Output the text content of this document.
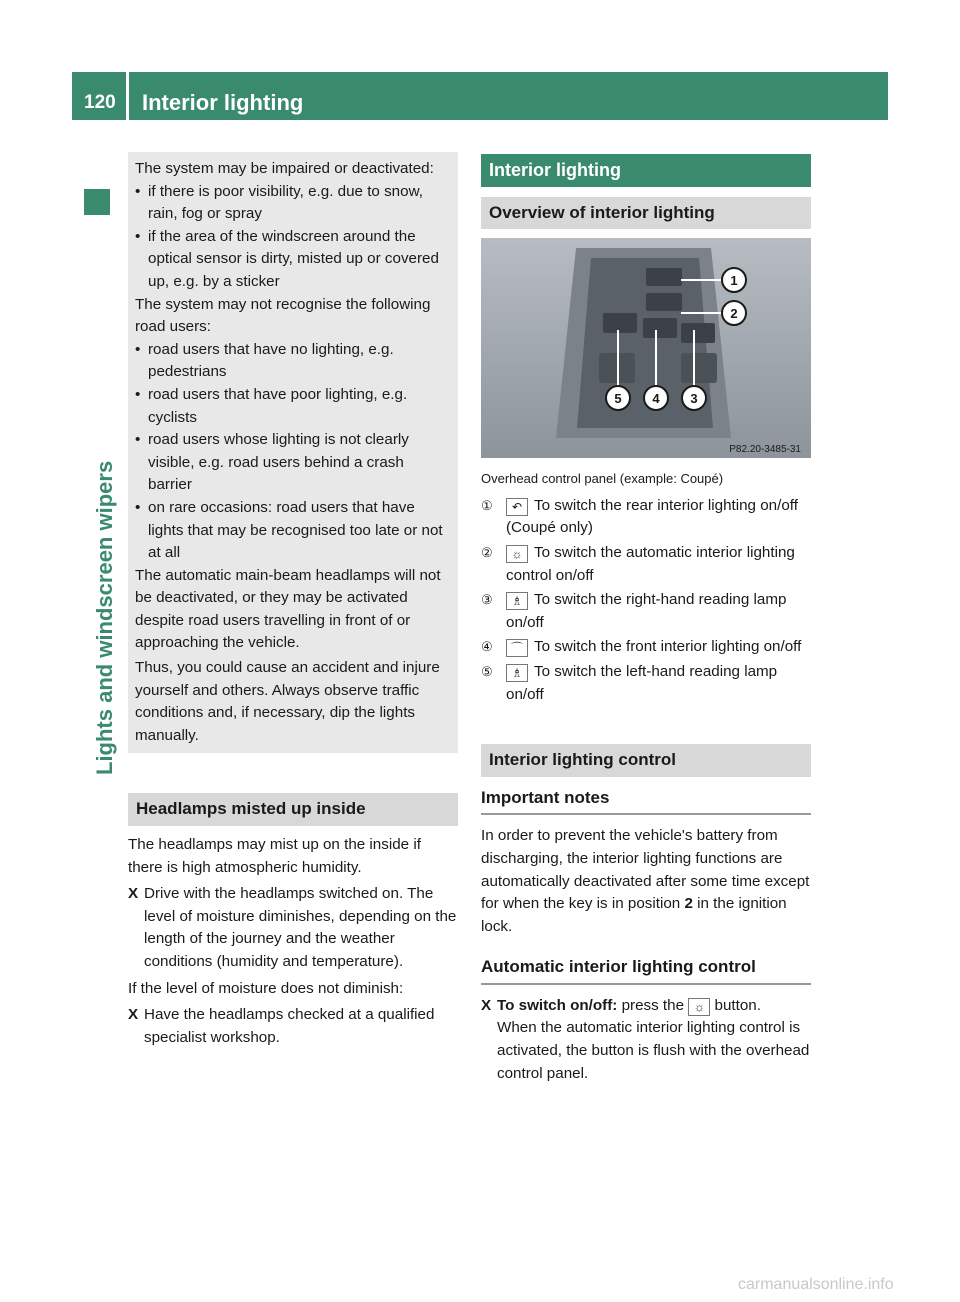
120 Interior lighting
Lights and windscreen wipers

The system may be impaired or deactivated:

• if there is poor visibility, e.g. due to snow, rain, fog or spray

• if the area of the windscreen around the optical sensor is dirty, misted up or covered up, e.g. by a sticker

The system may not recognise the following road users:

• road users that have no lighting, e.g. pedestrians

• road users that have poor lighting, e.g. cyclists

• road users whose lighting is not clearly visible, e.g. road users behind a crash barrier

• on rare occasions: road users that have lights that may be recognised too late or not at all

The automatic main-beam headlamps will not be deactivated, or they may be activated despite road users travelling in front of or approaching the vehicle.

Thus, you could cause an accident and injure yourself and others. Always observe traffic conditions and, if necessary, dip the lights manually.

Headlamps misted up inside

The headlamps may mist up on the inside if there is high atmospheric humidity.

X Drive with the headlamps switched on. The level of moisture diminishes, depending on the length of the journey and the weather conditions (humidity and temperature).

If the level of moisture does not diminish:

X Have the headlamps checked at a qualified specialist workshop.

Interior lighting
Overview of interior lighting
1
2
3
4
5
P82.20-3485-31

Overhead control panel (example: Coupé)

① ↶ To switch the rear interior lighting on/off (Coupé only)

② ☼ To switch the automatic interior lighting control on/off

③ ♗ To switch the right-hand reading lamp on/off

④ ⌒ To switch the front interior lighting on/off

⑤ ♗ To switch the left-hand reading lamp on/off

Interior lighting control
Important notes

In order to prevent the vehicle's battery from discharging, the interior lighting functions are automatically deactivated after some time except for when the key is in position 2 in the ignition lock.

Automatic interior lighting control

X To switch on/off: press the ☼ button.

When the automatic interior lighting control is activated, the button is flush with the overhead control panel.

carmanualsonline.info
